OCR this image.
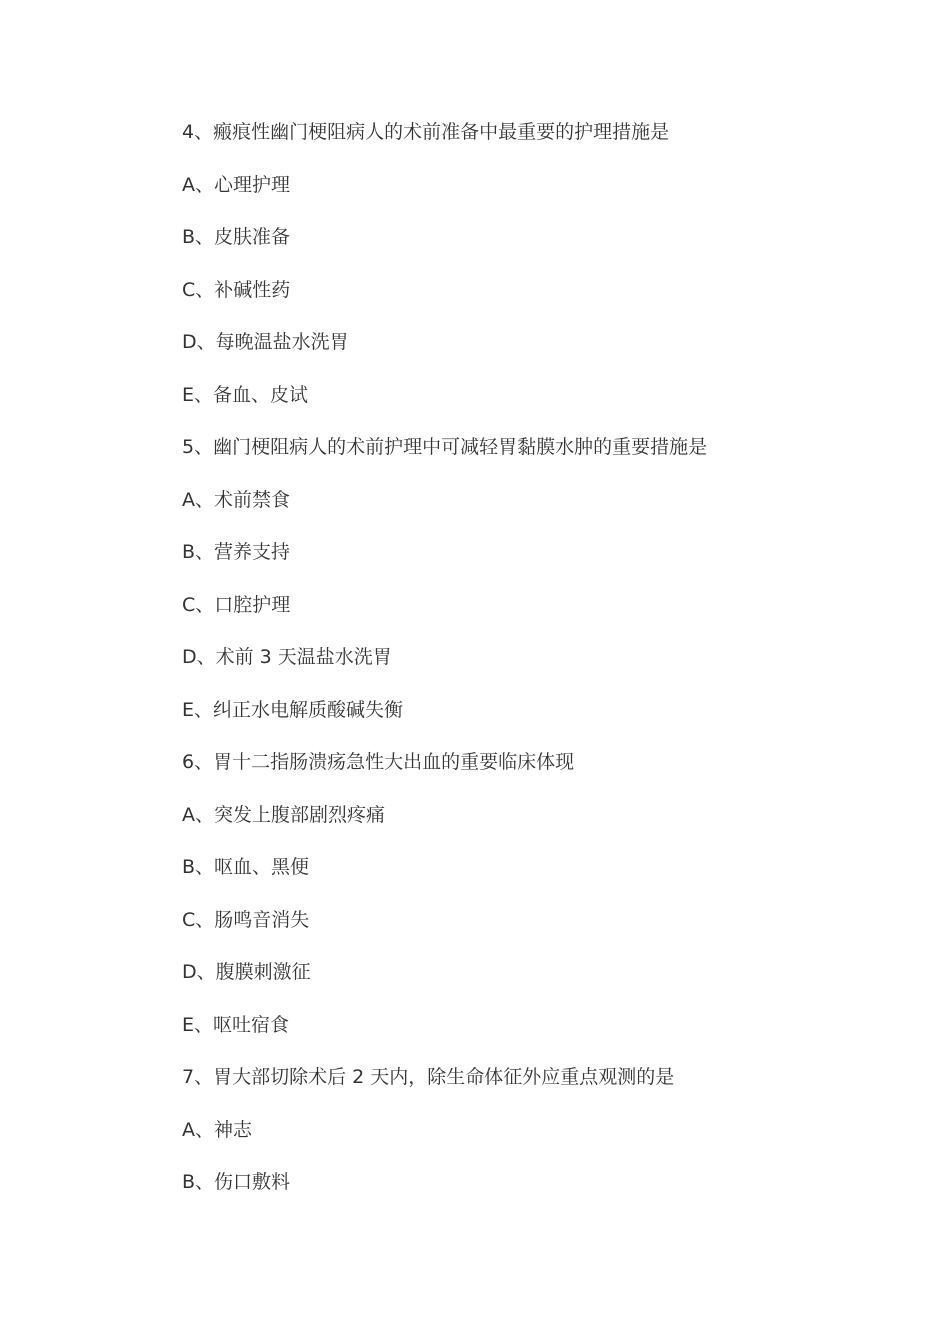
4、瘢痕性幽门梗阻病人的术前准备中最重要的护理措施是
A、心理护理
B、皮肤准备
C、补碱性药
D、每晚温盐水洗胃
E、备血、皮试
5、幽门梗阻病人的术前护理中可减轻胃黏膜水肿的重要措施是
A、术前禁食
B、营养支持
C、口腔护理
D、术前 3 天温盐水洗胃
E、纠正水电解质酸碱失衡
6、胃十二指肠溃疡急性大出血的重要临床体现
A、突发上腹部剧烈疼痛
B、呕血、黑便
C、肠鸣音消失
D、腹膜刺激征
E、呕吐宿食
7、胃大部切除术后 2 天内，除生命体征外应重点观测的是
A、神志
B、伤口敷料
